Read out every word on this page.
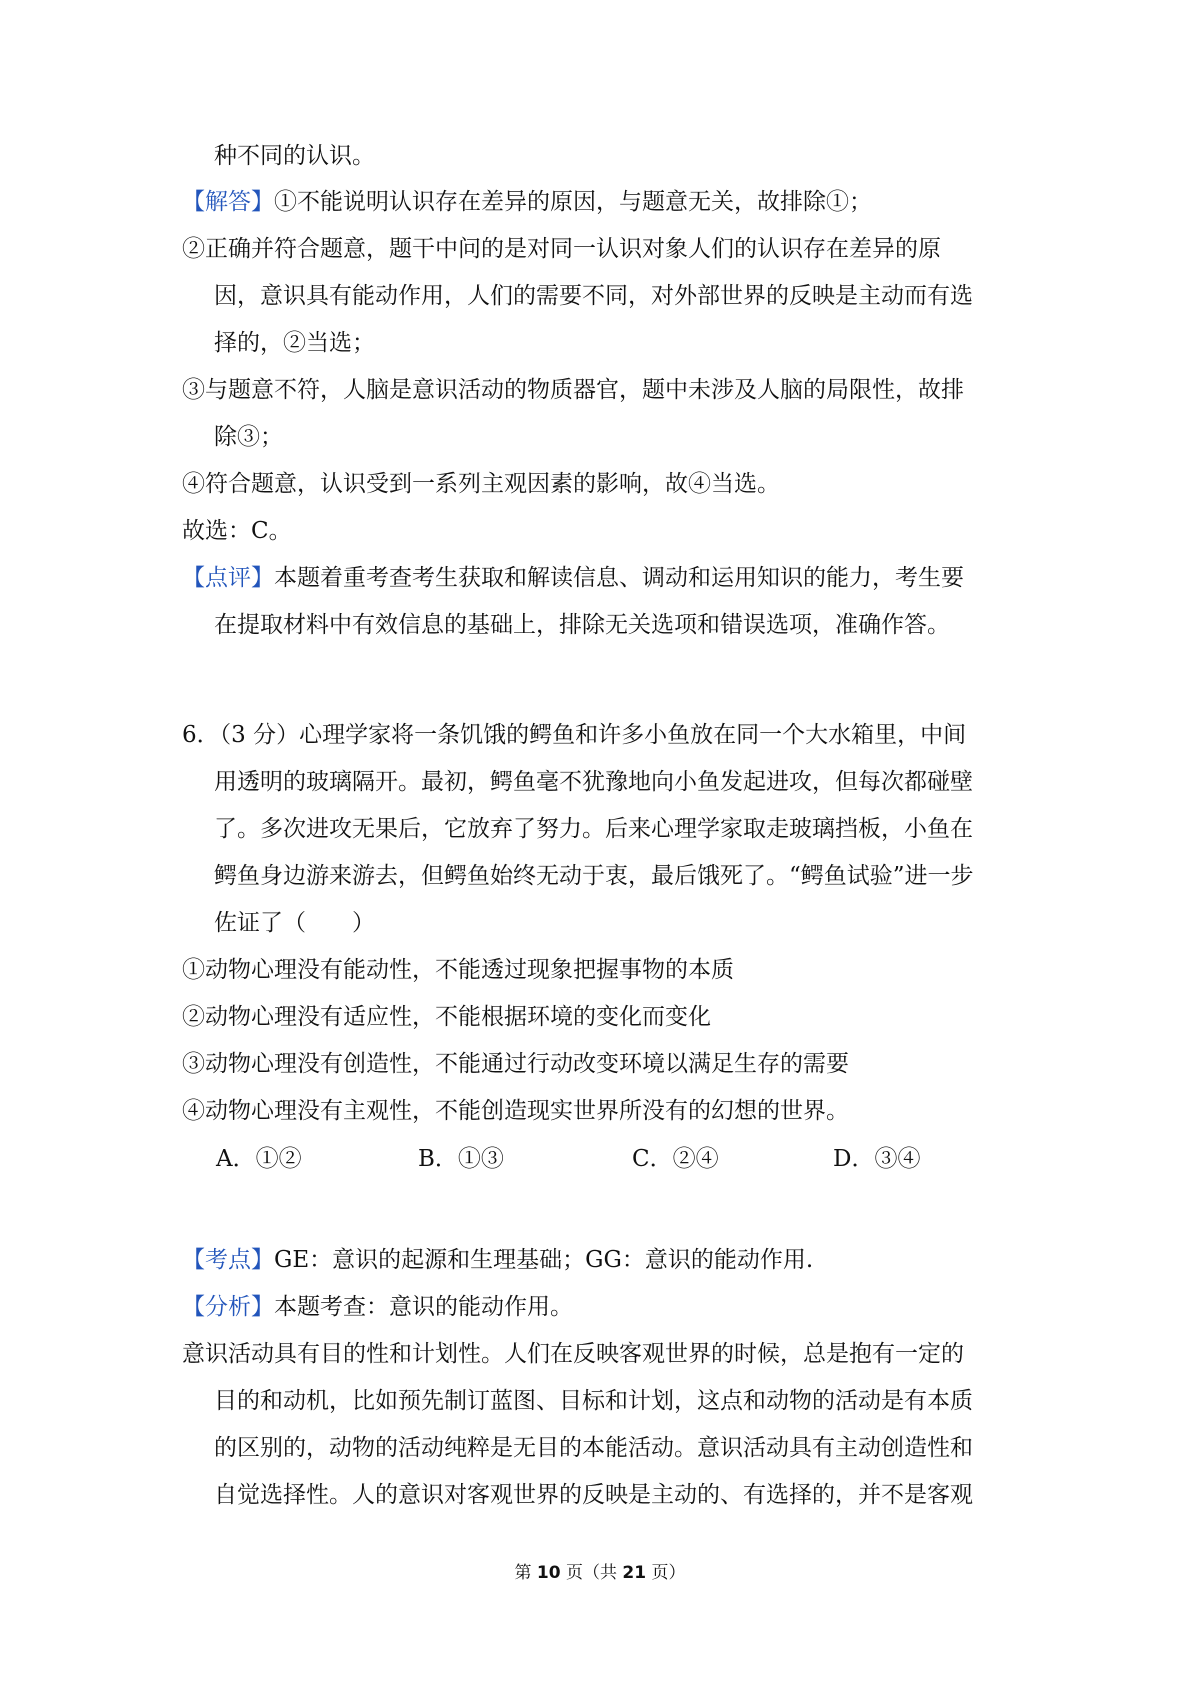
种不同的认识。
【解答】①不能说明认识存在差异的原因，与题意无关，故排除①；
②正确并符合题意，题干中问的是对同一认识对象人们的认识存在差异的原
因，意识具有能动作用，人们的需要不同，对外部世界的反映是主动而有选
择的，②当选；
③与题意不符，人脑是意识活动的物质器官，题中未涉及人脑的局限性，故排
除③；
④符合题意，认识受到一系列主观因素的影响，故④当选。
故选：C。
【点评】本题着重考查考生获取和解读信息、调动和运用知识的能力，考生要
在提取材料中有效信息的基础上，排除无关选项和错误选项，准确作答。
6．（3 分）心理学家将一条饥饿的鳄鱼和许多小鱼放在同一个大水箱里，中间
用透明的玻璃隔开。最初，鳄鱼毫不犹豫地向小鱼发起进攻，但每次都碰壁
了。多次进攻无果后，它放弃了努力。后来心理学家取走玻璃挡板，小鱼在
鳄鱼身边游来游去，但鳄鱼始终无动于衷，最后饿死了。“鳄鱼试验”进一步
佐证了（　　）
①动物心理没有能动性，不能透过现象把握事物的本质
②动物心理没有适应性，不能根据环境的变化而变化
③动物心理没有创造性，不能通过行动改变环境以满足生存的需要
④动物心理没有主观性，不能创造现实世界所没有的幻想的世界。
A．①②	B．①③	C．②④	D．③④
【考点】GE：意识的起源和生理基础；GG：意识的能动作用.
【分析】本题考查：意识的能动作用。
意识活动具有目的性和计划性。人们在反映客观世界的时候，总是抱有一定的
目的和动机，比如预先制订蓝图、目标和计划，这点和动物的活动是有本质
的区别的，动物的活动纯粹是无目的本能活动。意识活动具有主动创造性和
自觉选择性。人的意识对客观世界的反映是主动的、有选择的，并不是客观
第 10 页（共 21 页）
